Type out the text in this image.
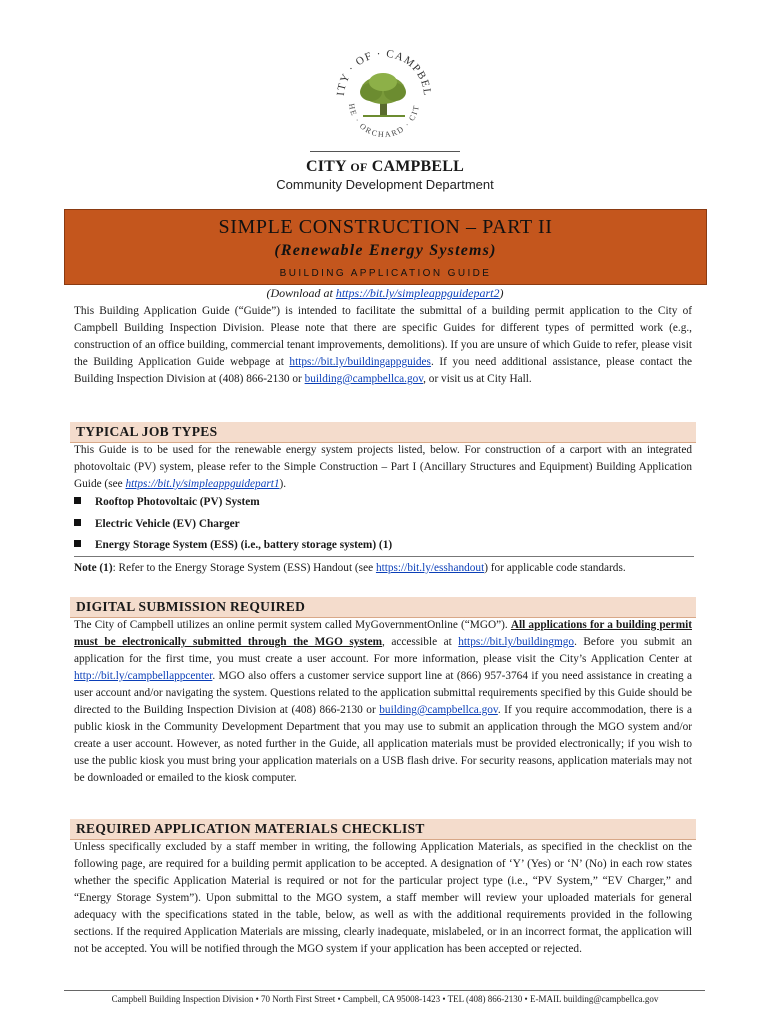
ITY · OF · CAMPBEL
HE · ORCHARD · CIT
CITY OF CAMPBELL
Community Development Department
SIMPLE CONSTRUCTION – PART II
(Renewable Energy Systems)
BUILDING APPLICATION GUIDE
(Download at https://bit.ly/simpleappguidepart2)

This Building Application Guide (“Guide”) is intended to facilitate the submittal of a building permit application to the City of Campbell Building Inspection Division. Please note that there are specific Guides for different types of permitted work (e.g., construction of an office building, commercial tenant improvements, demolitions). If you are unsure of which Guide to refer, please visit the Building Application Guide webpage at https://bit.ly/buildingappguides. If you need additional assistance, please contact the Building Inspection Division at (408) 866-2130 or building@campbellca.gov, or visit us at City Hall.

TYPICAL JOB TYPES

This Guide is to be used for the renewable energy system projects listed, below. For construction of a carport with an integrated photovoltaic (PV) system, please refer to the Simple Construction – Part I (Ancillary Structures and Equipment) Building Application Guide (see https://bit.ly/simpleappguidepart1).

Rooftop Photovoltaic (PV) System
Electric Vehicle (EV) Charger
Energy Storage System (ESS) (i.e., battery storage system) (1)
Note (1): Refer to the Energy Storage System (ESS) Handout (see https://bit.ly/esshandout) for applicable code standards.
DIGITAL SUBMISSION REQUIRED

The City of Campbell utilizes an online permit system called MyGovernmentOnline (“MGO”). All applications for a building permit must be electronically submitted through the MGO system, accessible at https://bit.ly/buildingmgo. Before you submit an application for the first time, you must create a user account. For more information, please visit the City’s Application Center at http://bit.ly/campbellappcenter. MGO also offers a customer service support line at (866) 957-3764 if you need assistance in creating a user account and/or navigating the system. Questions related to the application submittal requirements specified by this Guide should be directed to the Building Inspection Division at (408) 866-2130 or building@campbellca.gov. If you require accommodation, there is a public kiosk in the Community Development Department that you may use to submit an application through the MGO system and/or create a user account. However, as noted further in the Guide, all application materials must be provided electronically; if you wish to use the public kiosk you must bring your application materials on a USB flash drive. For security reasons, application materials may not be downloaded or emailed to the kiosk computer.

REQUIRED APPLICATION MATERIALS CHECKLIST

Unless specifically excluded by a staff member in writing, the following Application Materials, as specified in the checklist on the following page, are required for a building permit application to be accepted. A designation of ‘Y’ (Yes) or ‘N’ (No) in each row states whether the specific Application Material is required or not for the particular project type (i.e., “PV System,” “EV Charger,” and “Energy Storage System”). Upon submittal to the MGO system, a staff member will review your uploaded materials for general adequacy with the specifications stated in the table, below, as well as with the additional requirements provided in the following sections. If the required Application Materials are missing, clearly inadequate, mislabeled, or in an incorrect format, the application will not be accepted. You will be notified through the MGO system if your application has been accepted or rejected.

Campbell Building Inspection Division • 70 North First Street • Campbell, CA 95008-1423 • TEL (408) 866-2130 • E-MAIL building@campbellca.gov
